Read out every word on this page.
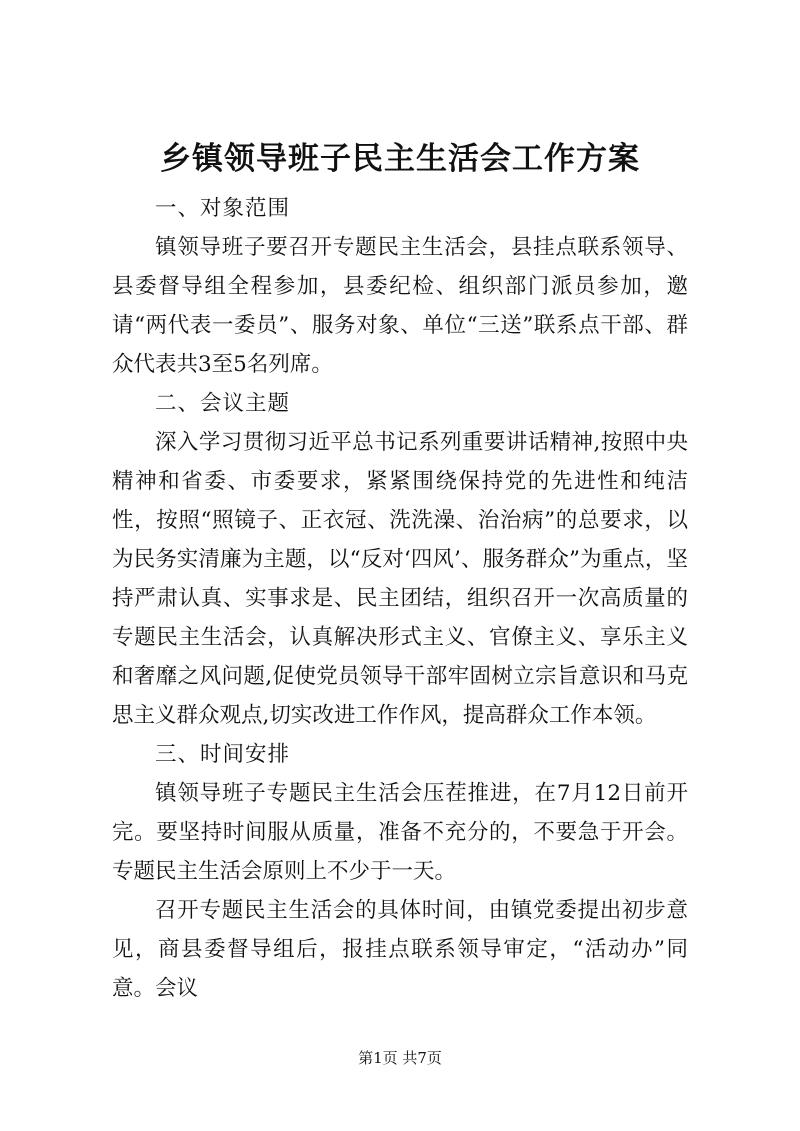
乡镇领导班子民主生活会工作方案

一、对象范围

镇领导班子要召开专题民主生活会，县挂点联系领导、县委督导组全程参加，县委纪检、组织部门派员参加，邀请“两代表一委员”、服务对象、单位“三送”联系点干部、群众代表共3至5名列席。

二、会议主题

深入学习贯彻习近平总书记系列重要讲话精神,按照中央精神和省委、市委要求，紧紧围绕保持党的先进性和纯洁性，按照“照镜子、正衣冠、洗洗澡、治治病”的总要求，以为民务实清廉为主题，以“反对‘四风’、服务群众”为重点，坚持严肃认真、实事求是、民主团结，组织召开一次高质量的专题民主生活会，认真解决形式主义、官僚主义、享乐主义和奢靡之风问题,促使党员领导干部牢固树立宗旨意识和马克思主义群众观点,切实改进工作作风，提高群众工作本领。

三、时间安排

镇领导班子专题民主生活会压茬推进，在7月12日前开完。要坚持时间服从质量，准备不充分的，不要急于开会。专题民主生活会原则上不少于一天。

召开专题民主生活会的具体时间，由镇党委提出初步意见，商县委督导组后，报挂点联系领导审定，“活动办”同意。会议

第1页 共7页
